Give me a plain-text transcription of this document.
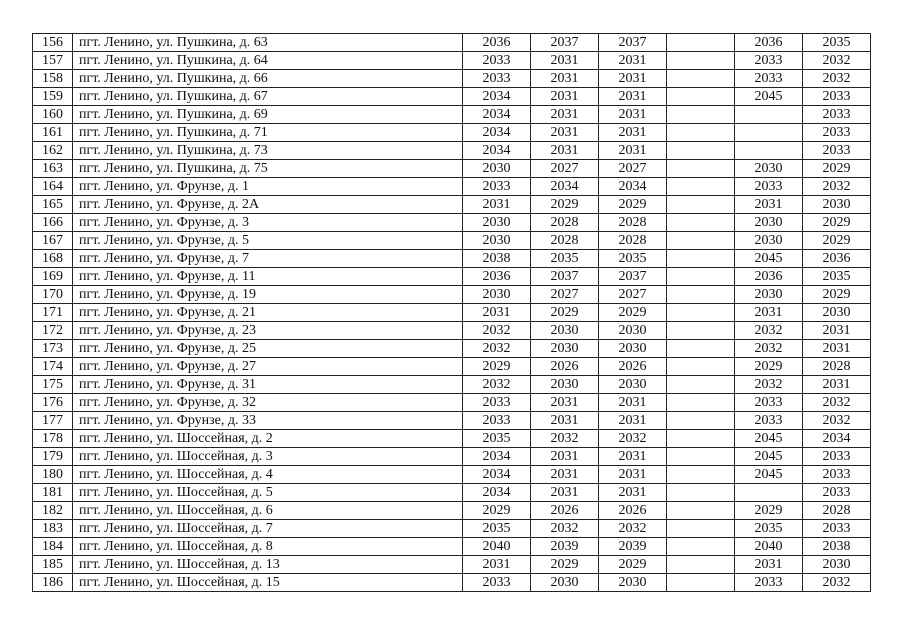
156	пгт. Ленино, ул. Пушкина, д. 63	2036	2037	2037		2036	2035
157	пгт. Ленино, ул. Пушкина, д. 64	2033	2031	2031		2033	2032
158	пгт. Ленино, ул. Пушкина, д. 66	2033	2031	2031		2033	2032
159	пгт. Ленино, ул. Пушкина, д. 67	2034	2031	2031		2045	2033
160	пгт. Ленино, ул. Пушкина, д. 69	2034	2031	2031			2033
161	пгт. Ленино, ул. Пушкина, д. 71	2034	2031	2031			2033
162	пгт. Ленино, ул. Пушкина, д. 73	2034	2031	2031			2033
163	пгт. Ленино, ул. Пушкина, д. 75	2030	2027	2027		2030	2029
164	пгт. Ленино, ул. Фрунзе, д. 1	2033	2034	2034		2033	2032
165	пгт. Ленино, ул. Фрунзе, д. 2А	2031	2029	2029		2031	2030
166	пгт. Ленино, ул. Фрунзе, д. 3	2030	2028	2028		2030	2029
167	пгт. Ленино, ул. Фрунзе, д. 5	2030	2028	2028		2030	2029
168	пгт. Ленино, ул. Фрунзе, д. 7	2038	2035	2035		2045	2036
169	пгт. Ленино, ул. Фрунзе, д. 11	2036	2037	2037		2036	2035
170	пгт. Ленино, ул. Фрунзе, д. 19	2030	2027	2027		2030	2029
171	пгт. Ленино, ул. Фрунзе, д. 21	2031	2029	2029		2031	2030
172	пгт. Ленино, ул. Фрунзе, д. 23	2032	2030	2030		2032	2031
173	пгт. Ленино, ул. Фрунзе, д. 25	2032	2030	2030		2032	2031
174	пгт. Ленино, ул. Фрунзе, д. 27	2029	2026	2026		2029	2028
175	пгт. Ленино, ул. Фрунзе, д. 31	2032	2030	2030		2032	2031
176	пгт. Ленино, ул. Фрунзе, д. 32	2033	2031	2031		2033	2032
177	пгт. Ленино, ул. Фрунзе, д. 33	2033	2031	2031		2033	2032
178	пгт. Ленино, ул. Шоссейная, д. 2	2035	2032	2032		2045	2034
179	пгт. Ленино, ул. Шоссейная, д. 3	2034	2031	2031		2045	2033
180	пгт. Ленино, ул. Шоссейная, д. 4	2034	2031	2031		2045	2033
181	пгт. Ленино, ул. Шоссейная, д. 5	2034	2031	2031			2033
182	пгт. Ленино, ул. Шоссейная, д. 6	2029	2026	2026		2029	2028
183	пгт. Ленино, ул. Шоссейная, д. 7	2035	2032	2032		2035	2033
184	пгт. Ленино, ул. Шоссейная, д. 8	2040	2039	2039		2040	2038
185	пгт. Ленино, ул. Шоссейная, д. 13	2031	2029	2029		2031	2030
186	пгт. Ленино, ул. Шоссейная, д. 15	2033	2030	2030		2033	2032
